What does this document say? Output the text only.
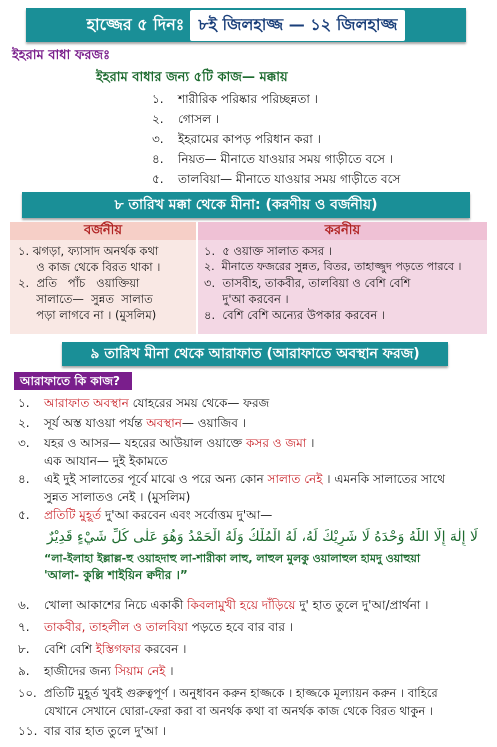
হাজ্জের ৫ দিনঃ ৮ই জিলহাজ্জ — ১২ জিলহাজ্জ
ইহরাম বাধা ফরজঃ
ইহরাম বাধার জন্য ৫টি কাজ— মক্কায়
১. শারীরিক পরিষ্কার পরিচ্ছন্নতা ।
২. গোসল ।
৩. ইহরামের কাপড় পরিধান করা ।
৪. নিয়ত— মীনাতে যাওয়ার সময় গাড়ীতে বসে ।
৫. তালবিয়া— মীনাতে যাওয়ার সময় গাড়ীতে বসে
৮ তারিখ মক্কা থেকে মীনা: (করণীয় ও বর্জনীয়)
বর্জনীয়
১. ঝগড়া, ফ্যাসাদ অনর্থক কথা
ও কাজ থেকে বিরত থাকা ।
২.  প্রতি   পাঁচ   ওয়াক্তিয়া
সালাতে—  সুন্নত  সালাত
পড়া লাগবে না । (মুসলিম)
করনীয়
১.  ৫ ওয়াক্ত সালাত কসর ।
২.  মীনাতে ফজরের সুন্নত, বিতর, তাহাজ্জুদ পড়তে পারবে ।
৩.  তাসবীহ, তাকবীর, তালবিয়া ও বেশি বেশি
দু'আ করবেন ।
৪.  বেশি বেশি অন্যের উপকার করবেন ।
৯ তারিখ মীনা থেকে আরাফাত (আরাফাতে অবস্থান ফরজ)
আরাফাতে কি কাজ?
১. আরাফাত অবস্থান যোহরের সময় থেকে— ফরজ
২. সূর্য অস্ত যাওয়া পর্যন্ত অবস্থান— ওয়াজিব ।
৩. যহর ও আসর— যহরের আউয়াল ওয়াক্তে কসর ও জমা ।
এক আযান— দুই ইকামতে
৪. এই দুই সালাতের পূর্বে মাঝে ও পরে অন্য কোন সালাত নেই । এমনকি সালাতের সাথে
সুন্নত সালাতও নেই । (মুসলিম)
৫. প্রতিটি মুহূর্ত দু'আ করবেন এবং সর্বোত্তম দু'আ—
لَا إِلٰهَ إِلَّا اللّٰهُ وَحْدَهُ لَا شَرِيْكَ لَهُ، لَهُ الْمُلْكُ وَلَهُ الْحَمْدُ وَهُوَ عَلٰى كُلِّ شَيْءٍ قَدِيْرٌ
“লা-ইলাহা ইল্লাল্ল-হু ওয়াহদাহু লা-শারীকা লাহু, লাহুল মুলকু ওয়ালাহুল হামদু ওয়াহুয়া
'আলা- কুল্লি শাইয়িন ক্বদীর ।”
৬. খোলা আকাশের নিচে একাকী কিবলামুখী হয়ে দাঁড়িয়ে দু' হাত তুলে দু'আ/প্রার্থনা ।
৭. তাকবীর, তাহলীল ও তালবিয়া পড়তে হবে বার বার ।
৮. বেশি বেশি ইস্তিগফার করবেন ।
৯. হাজীদের জন্য সিয়াম নেই ।
১০. প্রতিটি মুহূর্ত খুবই গুরুত্বপূর্ণ । অনুধাবন করুন হাজ্জকে । হাজ্জকে মূল্যায়ন করুন । বাহিরে
যেখানে সেখানে ঘোরা-ফেরা করা বা অনর্থক কথা বা অনর্থক কাজ থেকে বিরত থাকুন ।
১১. বার বার হাত তুলে দু'আ ।
